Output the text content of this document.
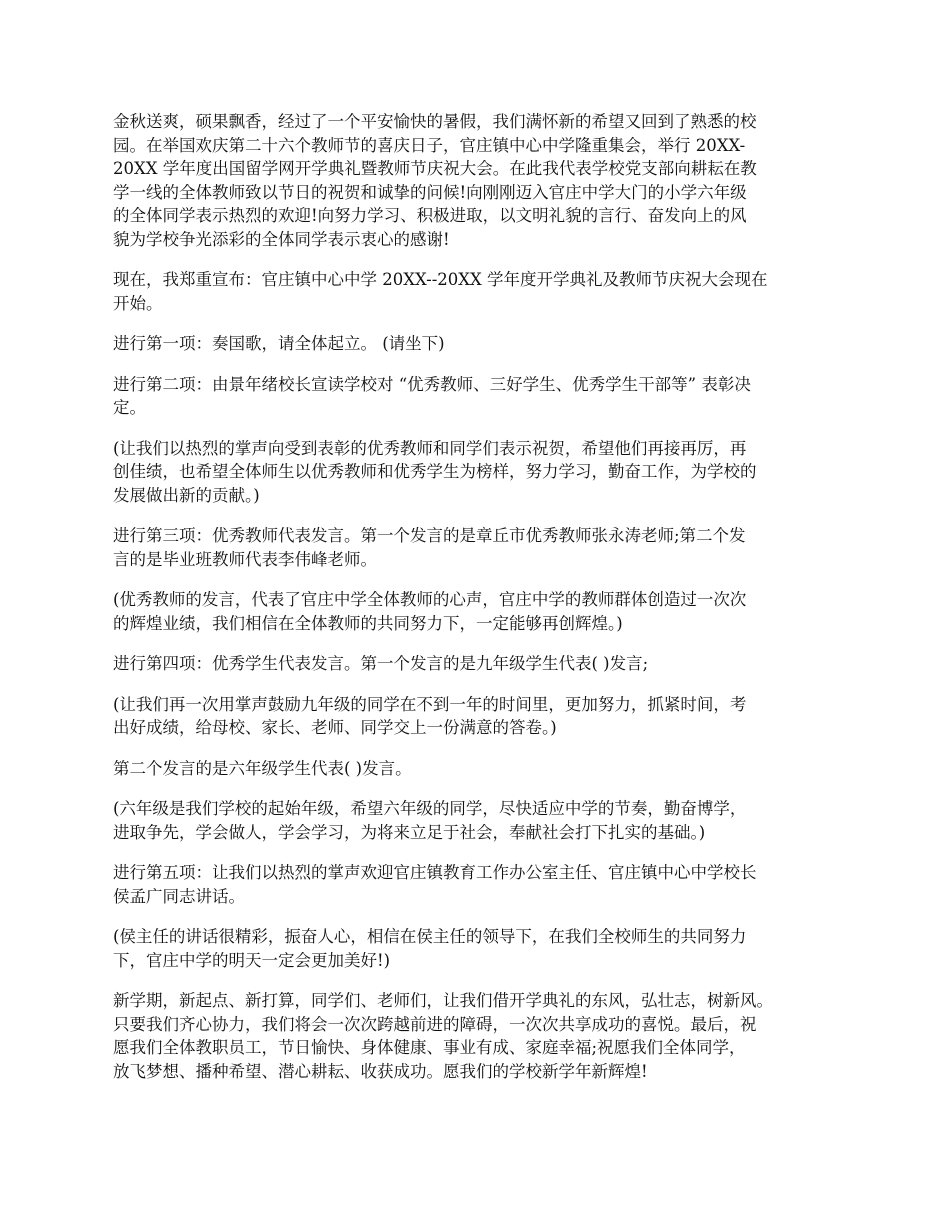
金秋送爽，硕果飘香，经过了一个平安愉快的暑假，我们满怀新的希望又回到了熟悉的校
园。在举国欢庆第二十六个教师节的喜庆日子，官庄镇中心中学隆重集会，举行 20XX-
20XX 学年度出国留学网开学典礼暨教师节庆祝大会。在此我代表学校党支部向耕耘在教
学一线的全体教师致以节日的祝贺和诚挚的问候!向刚刚迈入官庄中学大门的小学六年级
的全体同学表示热烈的欢迎!向努力学习、积极进取，以文明礼貌的言行、奋发向上的风
貌为学校争光添彩的全体同学表示衷心的感谢!

现在，我郑重宣布：官庄镇中心中学 20XX--20XX 学年度开学典礼及教师节庆祝大会现在
开始。

进行第一项：奏国歌，请全体起立。 (请坐下)

进行第二项：由景年绪校长宣读学校对 “优秀教师、三好学生、优秀学生干部等” 表彰决
定。

(让我们以热烈的掌声向受到表彰的优秀教师和同学们表示祝贺，希望他们再接再厉，再
创佳绩，也希望全体师生以优秀教师和优秀学生为榜样，努力学习，勤奋工作，为学校的
发展做出新的贡献。)

进行第三项：优秀教师代表发言。第一个发言的是章丘市优秀教师张永涛老师;第二个发
言的是毕业班教师代表李伟峰老师。

(优秀教师的发言，代表了官庄中学全体教师的心声，官庄中学的教师群体创造过一次次
的辉煌业绩，我们相信在全体教师的共同努力下，一定能够再创辉煌。)

进行第四项：优秀学生代表发言。第一个发言的是九年级学生代表( )发言;

(让我们再一次用掌声鼓励九年级的同学在不到一年的时间里，更加努力，抓紧时间，考
出好成绩，给母校、家长、老师、同学交上一份满意的答卷。)

第二个发言的是六年级学生代表( )发言。

(六年级是我们学校的起始年级，希望六年级的同学，尽快适应中学的节奏，勤奋博学，
进取争先，学会做人，学会学习，为将来立足于社会，奉献社会打下扎实的基础。)

进行第五项：让我们以热烈的掌声欢迎官庄镇教育工作办公室主任、官庄镇中心中学校长
侯孟广同志讲话。

(侯主任的讲话很精彩，振奋人心，相信在侯主任的领导下，在我们全校师生的共同努力
下，官庄中学的明天一定会更加美好!)

新学期，新起点、新打算，同学们、老师们，让我们借开学典礼的东风，弘壮志，树新风。
只要我们齐心协力，我们将会一次次跨越前进的障碍，一次次共享成功的喜悦。最后，祝
愿我们全体教职员工，节日愉快、身体健康、事业有成、家庭幸福;祝愿我们全体同学，
放飞梦想、播种希望、潜心耕耘、收获成功。愿我们的学校新学年新辉煌!
